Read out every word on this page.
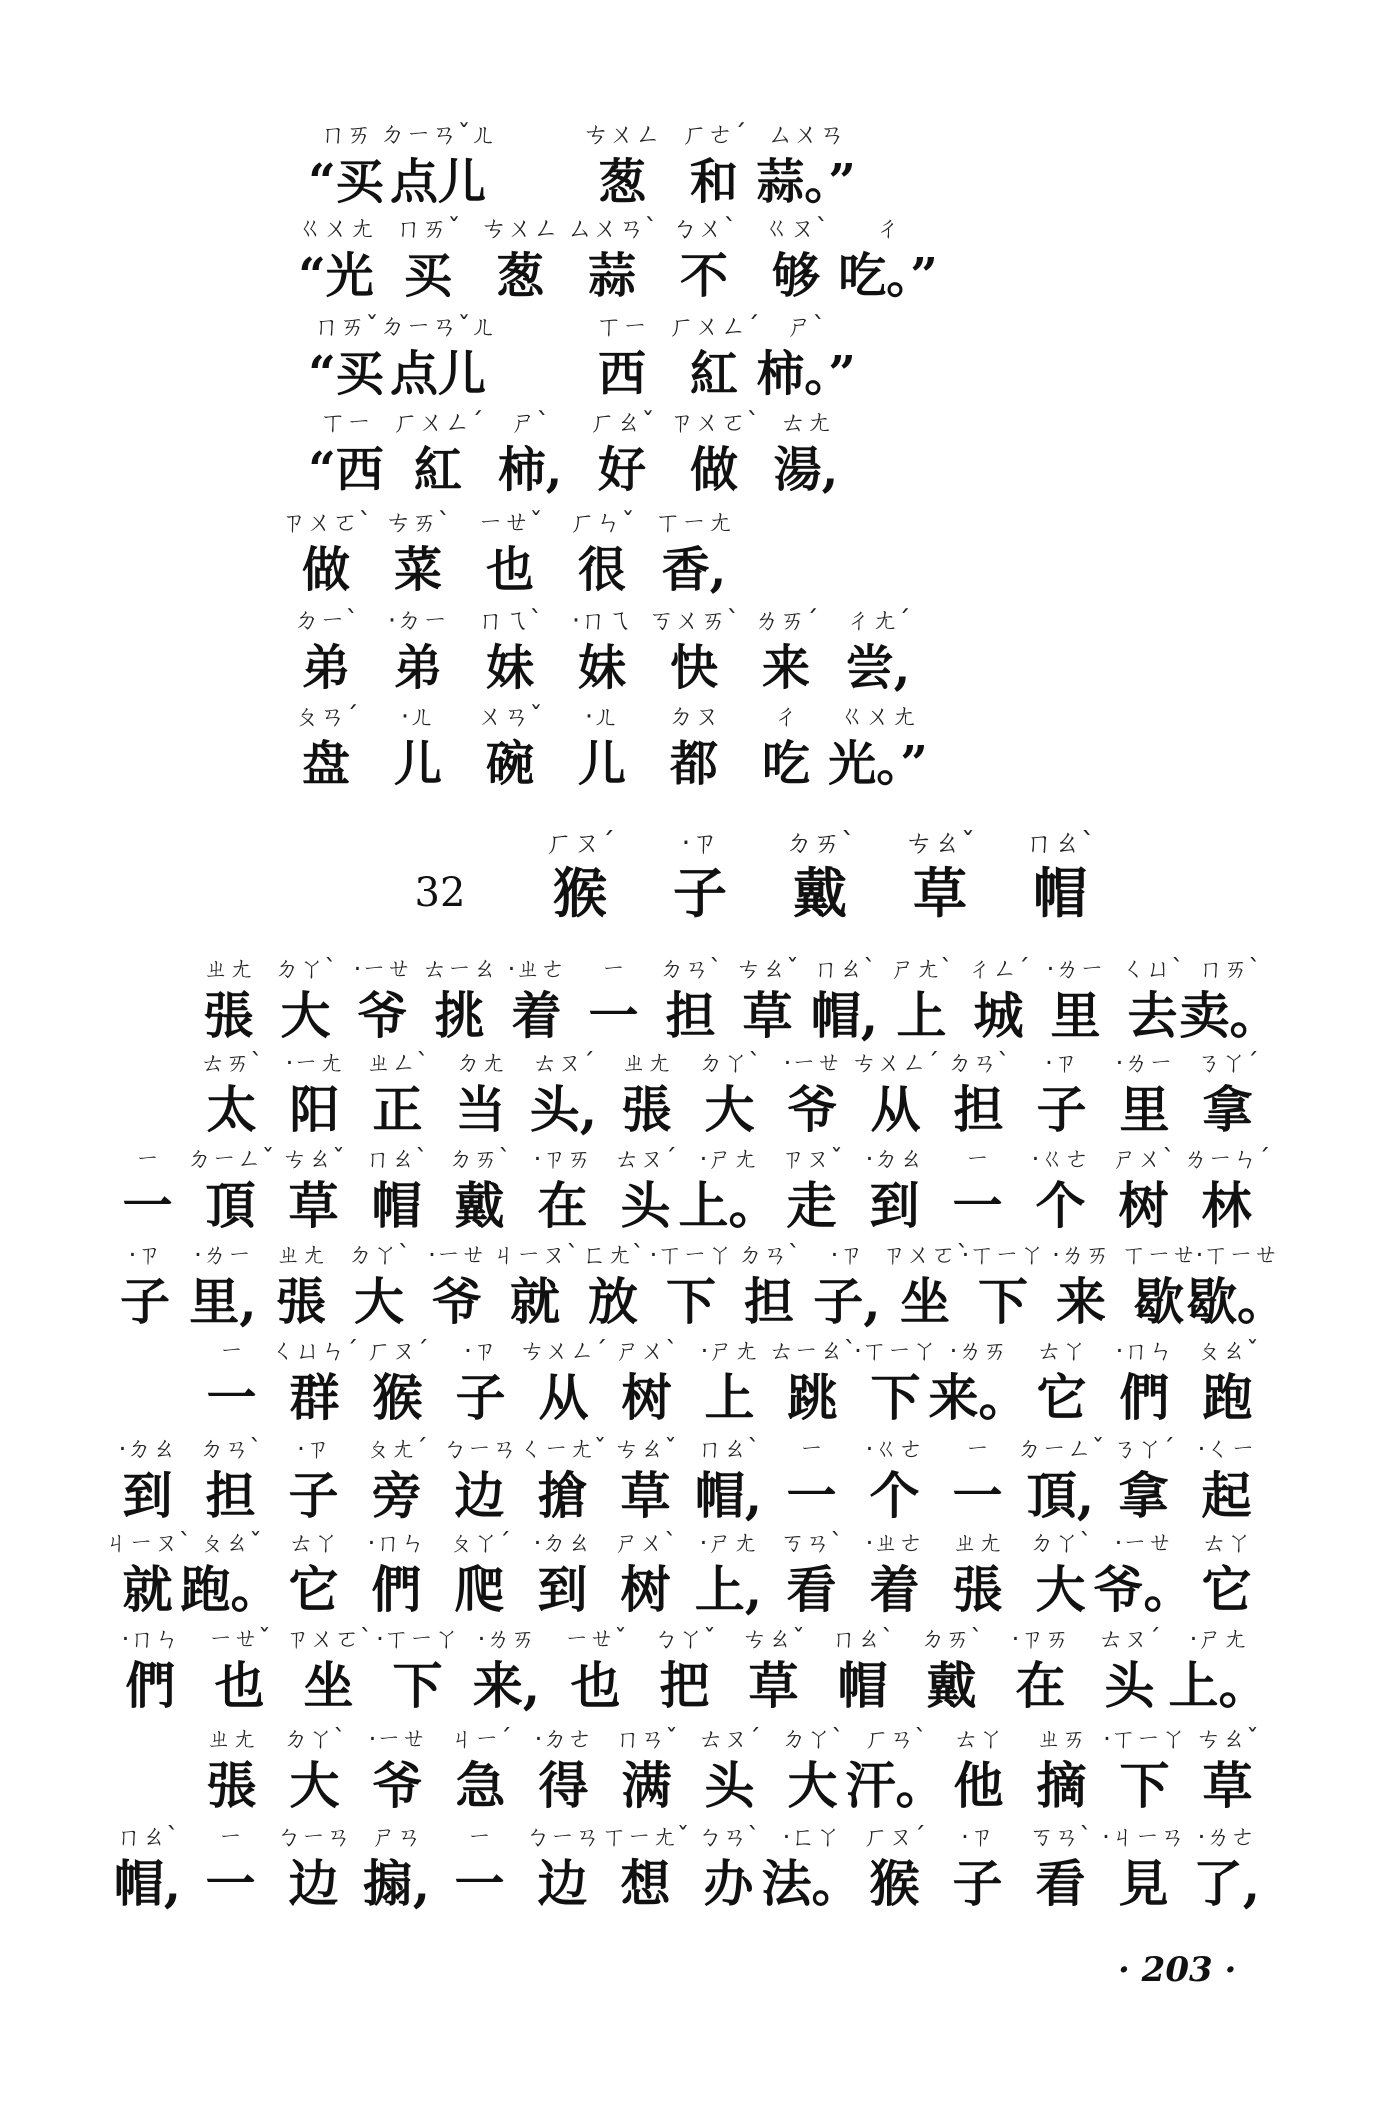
ㄇㄞ
“买
ㄉㄧㄢˇㄦ
点儿
ㄘㄨㄥ
葱
ㄏㄜˊ
和
ㄙㄨㄢ
蒜。”
ㄍㄨㄤ
“光
ㄇㄞˇ
买
ㄘㄨㄥ
葱
ㄙㄨㄢˋ
蒜
ㄅㄨˋ
不
ㄍㄡˋ
够
ㄔ
吃。”
ㄇㄞˇ
“买
ㄉㄧㄢˇㄦ
点儿
ㄒㄧ
西
ㄏㄨㄥˊ
紅
ㄕˋ
柿。”
ㄒㄧ
“西
ㄏㄨㄥˊ
紅
ㄕˋ
柿,
ㄏㄠˇ
好
ㄗㄨㄛˋ
做
ㄊㄤ
湯,
ㄗㄨㄛˋ
做
ㄘㄞˋ
菜
ㄧㄝˇ
也
ㄏㄣˇ
很
ㄒㄧㄤ
香,
ㄉㄧˋ
弟
·ㄉㄧ
弟
ㄇㄟˋ
妹
·ㄇㄟ
妹
ㄎㄨㄞˋ
快
ㄌㄞˊ
来
ㄔㄤˊ
尝,
ㄆㄢˊ
盘
·ㄦ
儿
ㄨㄢˇ
碗
·ㄦ
儿
ㄉㄡ
都
ㄔ
吃
ㄍㄨㄤ
光。”
ㄏㄡˊ
猴
·ㄗ
子
ㄉㄞˋ
戴
ㄘㄠˇ
草
ㄇㄠˋ
帽
32
ㄓㄤ
張
ㄉㄚˋ
大
·ㄧㄝ
爷
ㄊㄧㄠ
挑
·ㄓㄜ
着
ㄧ
一
ㄉㄢˋ
担
ㄘㄠˇ
草
ㄇㄠˋ
帽,
ㄕㄤˋ
上
ㄔㄥˊ
城
·ㄌㄧ
里
ㄑㄩˋ
去
ㄇㄞˋ
卖。
ㄊㄞˋ
太
·ㄧㄤ
阳
ㄓㄥˋ
正
ㄉㄤ
当
ㄊㄡˊ
头,
ㄓㄤ
張
ㄉㄚˋ
大
·ㄧㄝ
爷
ㄘㄨㄥˊ
从
ㄉㄢˋ
担
·ㄗ
子
·ㄌㄧ
里
ㄋㄚˊ
拿
ㄧ
一
ㄉㄧㄥˇ
頂
ㄘㄠˇ
草
ㄇㄠˋ
帽
ㄉㄞˋ
戴
·ㄗㄞ
在
ㄊㄡˊ
头
·ㄕㄤ
上。
ㄗㄡˇ
走
·ㄉㄠ
到
ㄧ
一
·ㄍㄜ
个
ㄕㄨˋ
树
ㄌㄧㄣˊ
林
·ㄗ
子
·ㄌㄧ
里,
ㄓㄤ
張
ㄉㄚˋ
大
·ㄧㄝ
爷
ㄐㄧㄡˋ
就
ㄈㄤˋ
放
·ㄒㄧㄚ
下
ㄉㄢˋ
担
·ㄗ
子,
ㄗㄨㄛˋ
坐
·ㄒㄧㄚ
下
·ㄌㄞ
来
ㄒㄧㄝ
歇
·ㄒㄧㄝ
歇。
ㄧ
一
ㄑㄩㄣˊ
群
ㄏㄡˊ
猴
·ㄗ
子
ㄘㄨㄥˊ
从
ㄕㄨˋ
树
·ㄕㄤ
上
ㄊㄧㄠˋ
跳
·ㄒㄧㄚ
下
·ㄌㄞ
来。
ㄊㄚ
它
·ㄇㄣ
們
ㄆㄠˇ
跑
·ㄉㄠ
到
ㄉㄢˋ
担
·ㄗ
子
ㄆㄤˊ
旁
ㄅㄧㄢ
边
ㄑㄧㄤˇ
搶
ㄘㄠˇ
草
ㄇㄠˋ
帽,
ㄧ
一
·ㄍㄜ
个
ㄧ
一
ㄉㄧㄥˇ
頂,
ㄋㄚˊ
拿
·ㄑㄧ
起
ㄐㄧㄡˋ
就
ㄆㄠˇ
跑。
ㄊㄚ
它
·ㄇㄣ
們
ㄆㄚˊ
爬
·ㄉㄠ
到
ㄕㄨˋ
树
·ㄕㄤ
上,
ㄎㄢˋ
看
·ㄓㄜ
着
ㄓㄤ
張
ㄉㄚˋ
大
·ㄧㄝ
爷。
ㄊㄚ
它
·ㄇㄣ
們
ㄧㄝˇ
也
ㄗㄨㄛˋ
坐
·ㄒㄧㄚ
下
·ㄌㄞ
来,
ㄧㄝˇ
也
ㄅㄚˇ
把
ㄘㄠˇ
草
ㄇㄠˋ
帽
ㄉㄞˋ
戴
·ㄗㄞ
在
ㄊㄡˊ
头
·ㄕㄤ
上。
ㄓㄤ
張
ㄉㄚˋ
大
·ㄧㄝ
爷
ㄐㄧˊ
急
·ㄉㄜ
得
ㄇㄢˇ
满
ㄊㄡˊ
头
ㄉㄚˋ
大
ㄏㄢˋ
汗。
ㄊㄚ
他
ㄓㄞ
摘
·ㄒㄧㄚ
下
ㄘㄠˇ
草
ㄇㄠˋ
帽,
ㄧ
一
ㄅㄧㄢ
边
ㄕㄢ
搧,
ㄧ
一
ㄅㄧㄢ
边
ㄒㄧㄤˇ
想
ㄅㄢˋ
办
·ㄈㄚ
法。
ㄏㄡˊ
猴
·ㄗ
子
ㄎㄢˋ
看
·ㄐㄧㄢ
見
·ㄌㄜ
了,
· 203 ·
